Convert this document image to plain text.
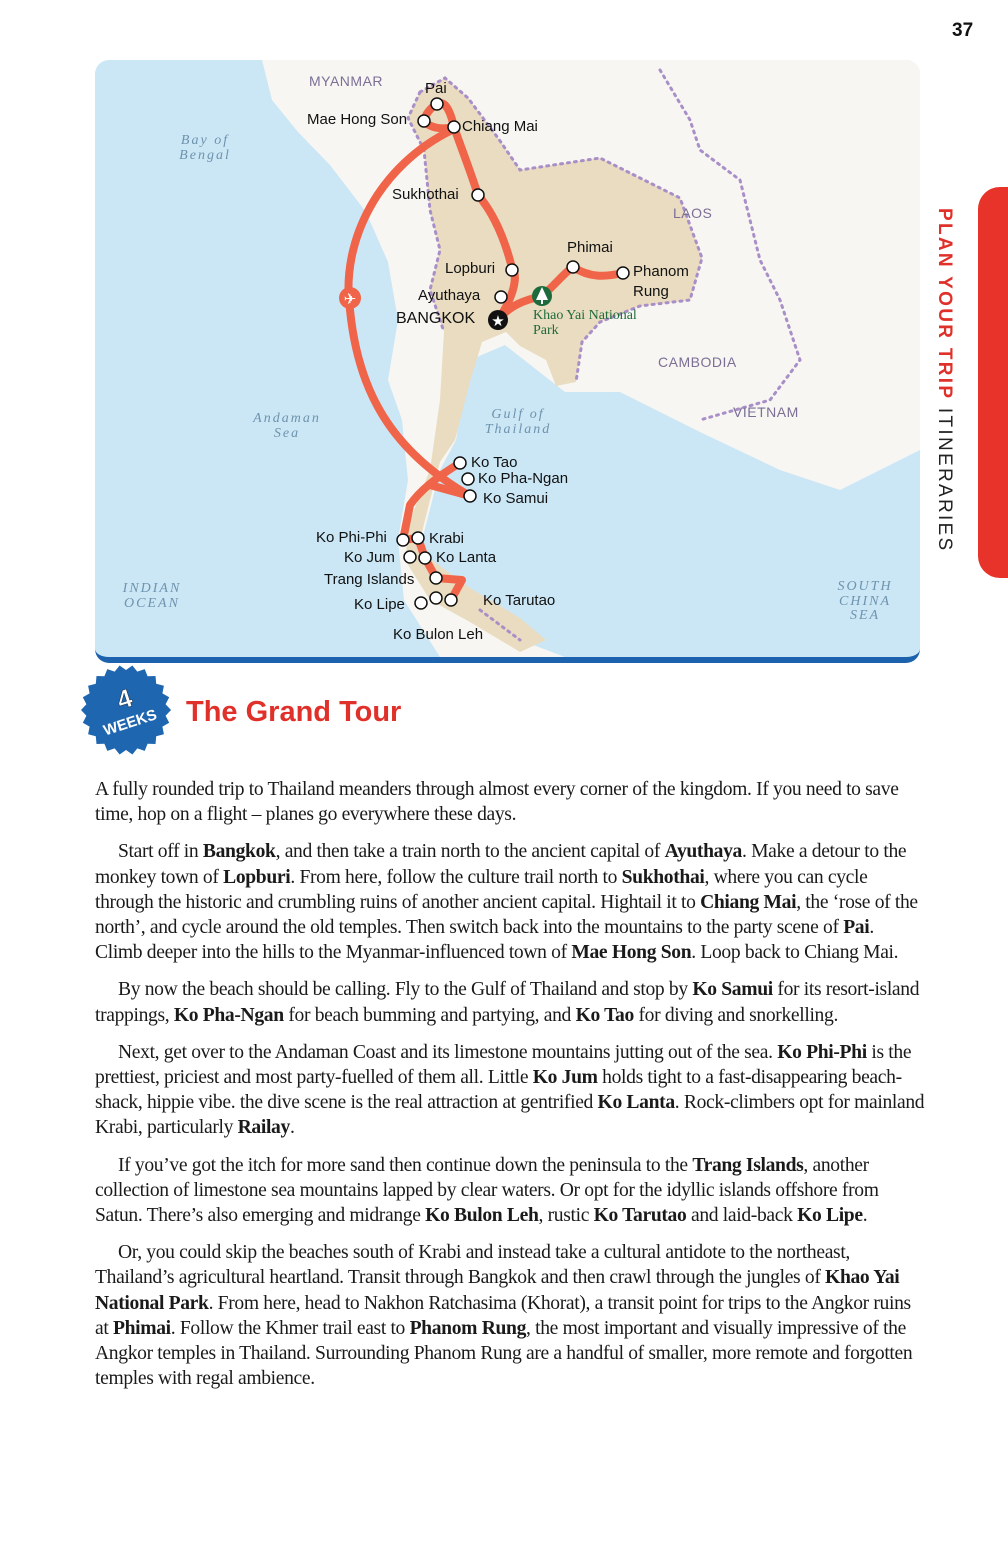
37
PLAN YOUR TRIP ITINERARIES
✈
★
MYANMAR
LAOS
CAMBODIA
VIETNAM
Bay of Bengal
Andaman Sea
Gulf of Thailand
INDIAN OCEAN
SOUTH CHINA SEA
BANGKOK	Khao Yai National Park
Pai
Mae Hong Son	Chiang Mai
Sukhothai
Lopburi
Ayuthaya
Phimai
Phanom Rung
Ko Tao
Ko Pha-Ngan
Ko Samui
Ko Phi-Phi	Krabi
Ko Jum	Ko Lanta
Trang Islands
Ko Lipe	Ko Tarutao
Ko Bulon Leh
4
WEEKS The Grand Tour

A fully rounded trip to Thailand meanders through almost every corner of the kingdom. If you need to save time, hop on a flight – planes go everywhere these days.

Start off in Bangkok, and then take a train north to the ancient capital of Ayuthaya. Make a detour to the monkey town of Lopburi. From here, follow the culture trail north to Sukhothai, where you can cycle through the historic and crumbling ruins of another ancient capital. Hightail it to Chiang Mai, the ‘rose of the north’, and cycle around the old temples. Then switch back into the mountains to the party scene of Pai. Climb deeper into the hills to the Myanmar-influenced town of Mae Hong Son. Loop back to Chiang Mai.

By now the beach should be calling. Fly to the Gulf of Thailand and stop by Ko Samui for its resort-island trappings, Ko Pha-Ngan for beach bumming and partying, and Ko Tao for diving and snorkelling.

Next, get over to the Andaman Coast and its limestone mountains jutting out of the sea. Ko Phi-Phi is the prettiest, priciest and most party-fuelled of them all. Little Ko Jum holds tight to a fast-disappearing beach-shack, hippie vibe. the dive scene is the real attraction at gentrified Ko Lanta. Rock-climbers opt for mainland Krabi, particularly Railay.

If you’ve got the itch for more sand then continue down the peninsula to the Trang Islands, another collection of limestone sea mountains lapped by clear waters. Or opt for the idyllic islands offshore from Satun. There’s also emerging and midrange Ko Bulon Leh, rustic Ko Tarutao and laid-back Ko Lipe.

Or, you could skip the beaches south of Krabi and instead take a cultural antidote to the northeast, Thailand’s agricultural heartland. Transit through Bangkok and then crawl through the jungles of Khao Yai National Park. From here, head to Nakhon Ratchasima (Khorat), a transit point for trips to the Angkor ruins at Phimai. Follow the Khmer trail east to Phanom Rung, the most important and visually impressive of the Angkor temples in Thailand. Surrounding Phanom Rung are a handful of smaller, more remote and forgotten temples with regal ambience.
